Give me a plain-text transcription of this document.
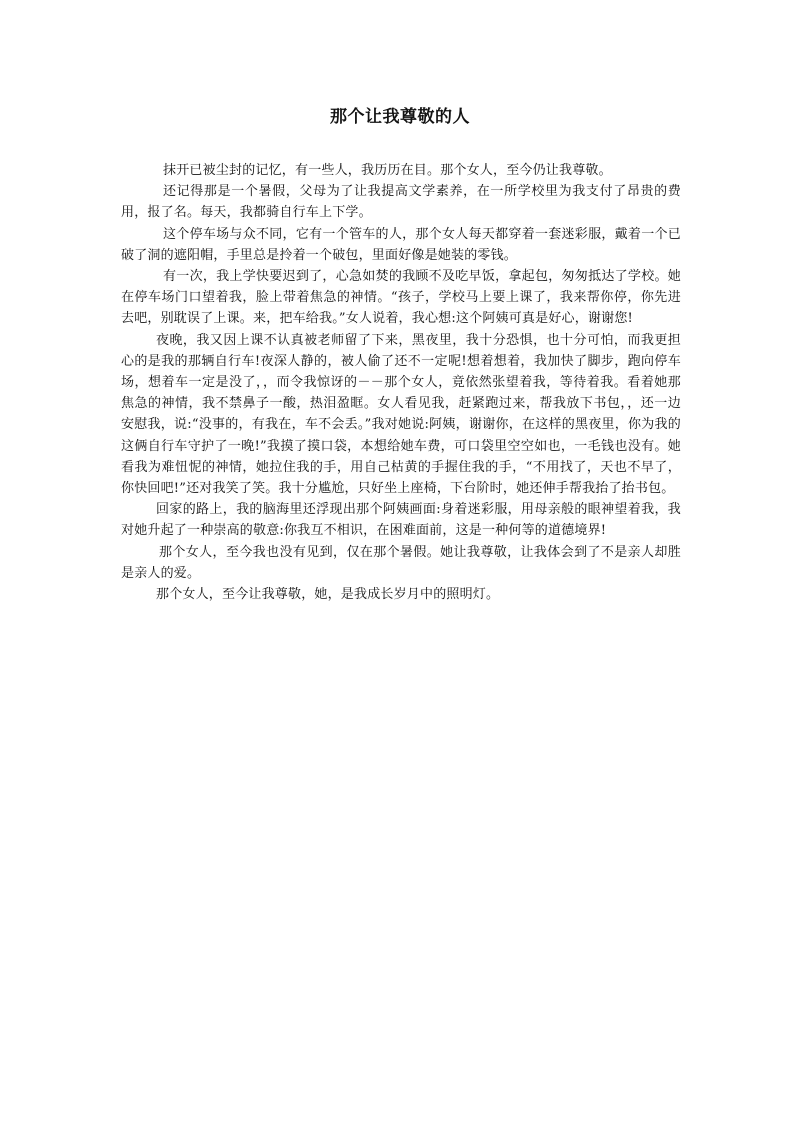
那个让我尊敬的人

抹开已被尘封的记忆，有一些人，我历历在目。那个女人，至今仍让我尊敬。

还记得那是一个暑假，父母为了让我提高文学素养，在一所学校里为我支付了昂贵的费用，报了名。每天，我都骑自行车上下学。

这个停车场与众不同，它有一个管车的人，那个女人每天都穿着一套迷彩服，戴着一个已破了洞的遮阳帽，手里总是拎着一个破包，里面好像是她装的零钱。

有一次，我上学快要迟到了，心急如焚的我顾不及吃早饭，拿起包，匆匆抵达了学校。她在停车场门口望着我，脸上带着焦急的神情。“孩子，学校马上要上课了，我来帮你停，你先进去吧，别耽误了上课。来，把车给我。”女人说着，我心想:这个阿姨可真是好心，谢谢您!

夜晚，我又因上课不认真被老师留了下来，黑夜里，我十分恐惧，也十分可怕，而我更担心的是我的那辆自行车!夜深人静的，被人偷了还不一定呢!想着想着，我加快了脚步，跑向停车场，想着车一定是没了，，而令我惊讶的－－那个女人，竟依然张望着我，等待着我。看着她那焦急的神情，我不禁鼻子一酸，热泪盈眶。女人看见我，赶紧跑过来，帮我放下书包，，还一边安慰我，说:“没事的，有我在，车不会丢。”我对她说:阿姨，谢谢你，在这样的黑夜里，你为我的这俩自行车守护了一晚!”我摸了摸口袋，本想给她车费，可口袋里空空如也，一毛钱也没有。她看我为难忸怩的神情，她拉住我的手，用自己枯黄的手握住我的手，“不用找了，天也不早了，你快回吧!”还对我笑了笑。我十分尴尬，只好坐上座椅，下台阶时，她还伸手帮我抬了抬书包。

回家的路上，我的脑海里还浮现出那个阿姨画面:身着迷彩服，用母亲般的眼神望着我，我对她升起了一种崇高的敬意:你我互不相识，在困难面前，这是一种何等的道德境界!

那个女人，至今我也没有见到，仅在那个暑假。她让我尊敬，让我体会到了不是亲人却胜是亲人的爱。

那个女人，至今让我尊敬，她，是我成长岁月中的照明灯。
